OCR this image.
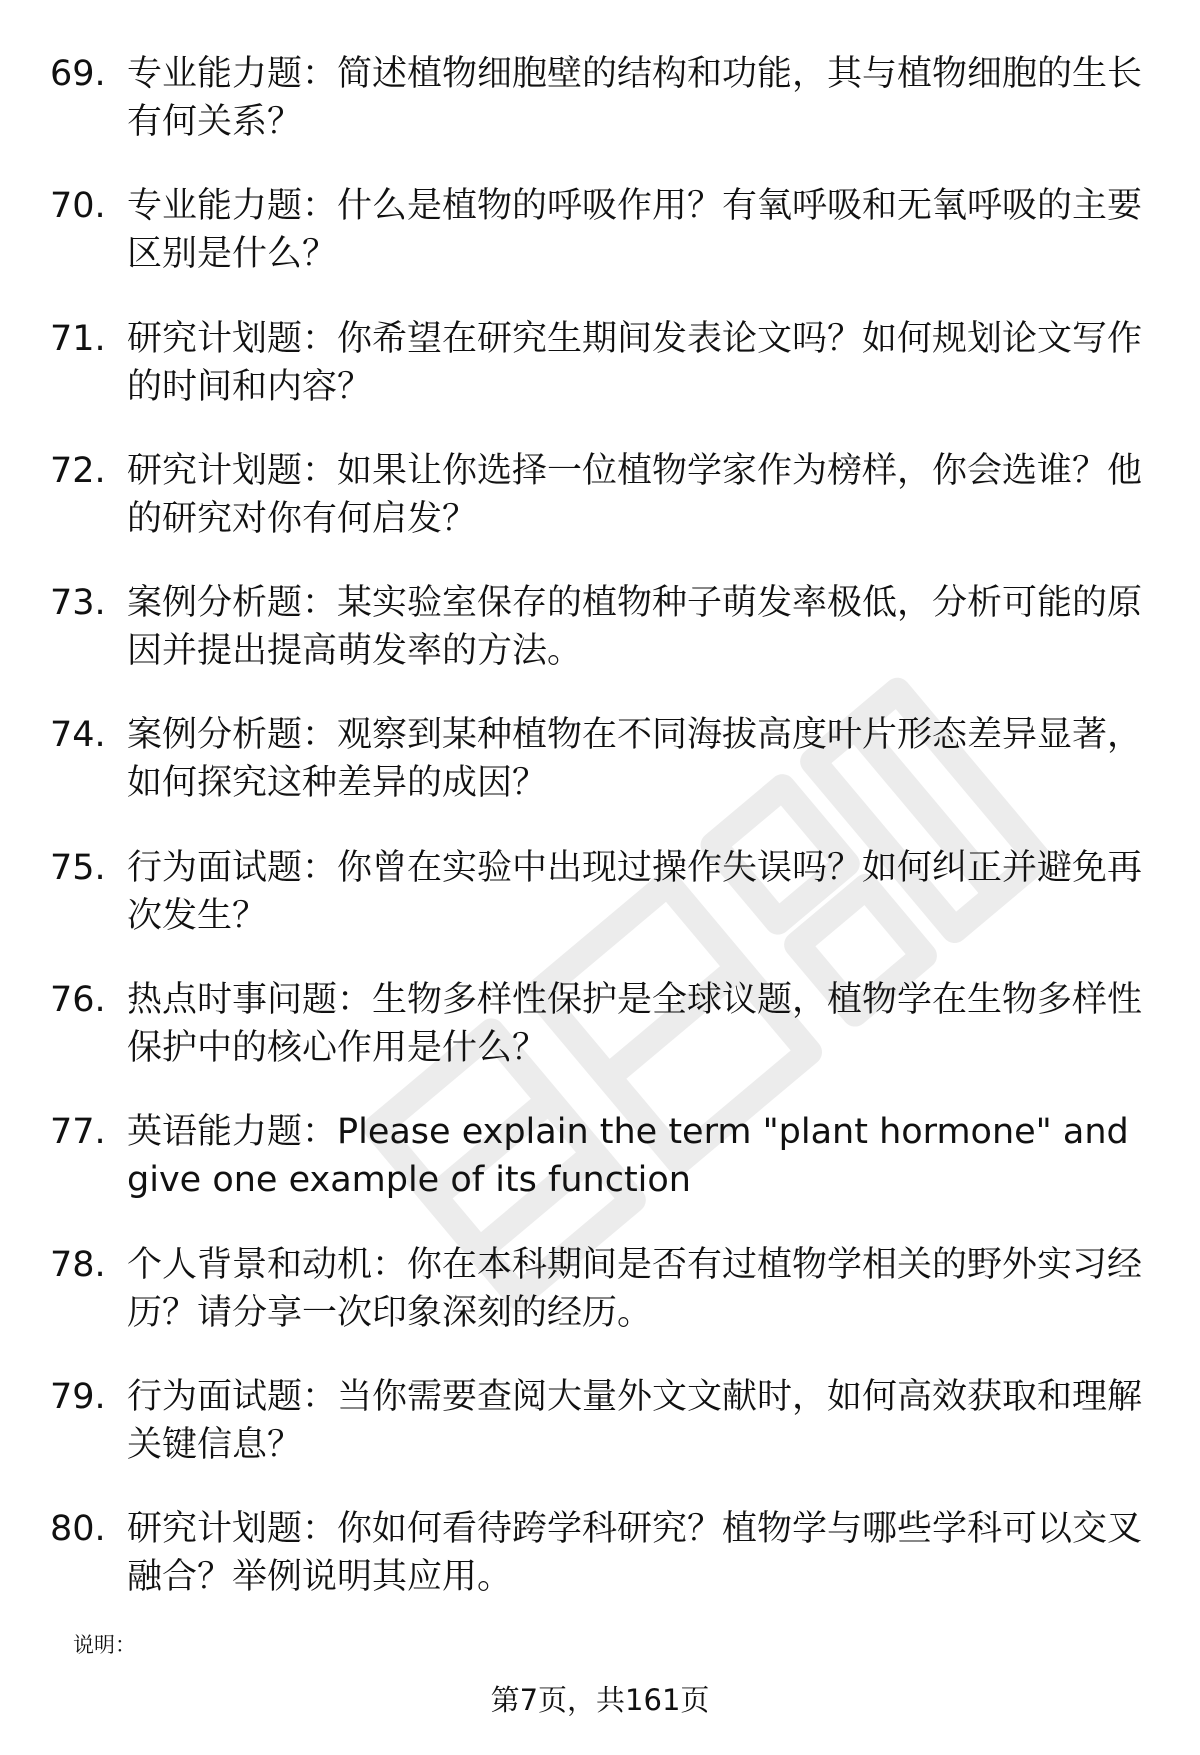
69. 专业能力题：简述植物细胞壁的结构和功能，其与植物细胞的生长有何关系？
70. 专业能力题：什么是植物的呼吸作用？有氧呼吸和无氧呼吸的主要区别是什么？
71. 研究计划题：你希望在研究生期间发表论文吗？如何规划论文写作的时间和内容？
72. 研究计划题：如果让你选择一位植物学家作为榜样，你会选谁？他的研究对你有何启发？
73. 案例分析题：某实验室保存的植物种子萌发率极低，分析可能的原因并提出提高萌发率的方法。
74. 案例分析题：观察到某种植物在不同海拔高度叶片形态差异显著，如何探究这种差异的成因？
75. 行为面试题：你曾在实验中出现过操作失误吗？如何纠正并避免再次发生？
76. 热点时事问题：生物多样性保护是全球议题，植物学在生物多样性保护中的核心作用是什么？
77. 英语能力题：Please explain the term "plant hormone" and give one example of its function
78. 个人背景和动机：你在本科期间是否有过植物学相关的野外实习经历？请分享一次印象深刻的经历。
79. 行为面试题：当你需要查阅大量外文文献时，如何高效获取和理解关键信息？
80. 研究计划题：你如何看待跨学科研究？植物学与哪些学科可以交叉融合？举例说明其应用。
说明：
第7页，共161页
